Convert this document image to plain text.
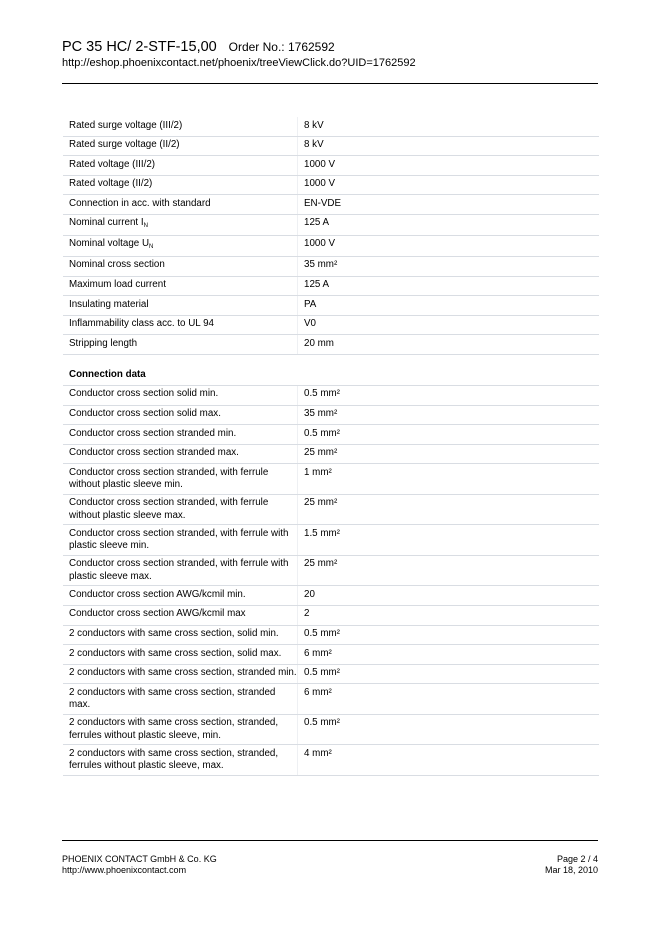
PC 35 HC/ 2-STF-15,00 Order No.: 1762592
http://eshop.phoenixcontact.net/phoenix/treeViewClick.do?UID=1762592
Rated surge voltage (III/2)	8 kV
Rated surge voltage (II/2)	8 kV
Rated voltage (III/2)	1000 V
Rated voltage (II/2)	1000 V
Connection in acc. with standard	EN-VDE
Nominal current $I_N$	125 A
Nominal voltage $U_N$	1000 V
Nominal cross section	35 mm²
Maximum load current	125 A
Insulating material	PA
Inflammability class acc. to UL 94	V0
Stripping length	20 mm
Connection data
Conductor cross section solid min.	0.5 mm²
Conductor cross section solid max.	35 mm²
Conductor cross section stranded min.	0.5 mm²
Conductor cross section stranded max.	25 mm²
Conductor cross section stranded, with ferrule without plastic sleeve min.
1 mm²
Conductor cross section stranded, with ferrule without plastic sleeve max.
25 mm²
Conductor cross section stranded, with ferrule with plastic sleeve min.
1.5 mm²
Conductor cross section stranded, with ferrule with plastic sleeve max.
25 mm²
Conductor cross section AWG/kcmil min.	20
Conductor cross section AWG/kcmil max	2
2 conductors with same cross section, solid min.	0.5 mm²
2 conductors with same cross section, solid max.	6 mm²
2 conductors with same cross section, stranded min. 0.5 mm²
2 conductors with same cross section, stranded max.
6 mm²
2 conductors with same cross section, stranded, ferrules without plastic sleeve, min.
0.5 mm²
2 conductors with same cross section, stranded, ferrules without plastic sleeve, max.
4 mm²
PHOENIX CONTACT GmbH & Co. KG
http://www.phoenixcontact.com
Page 2 / 4
Mar 18, 2010
